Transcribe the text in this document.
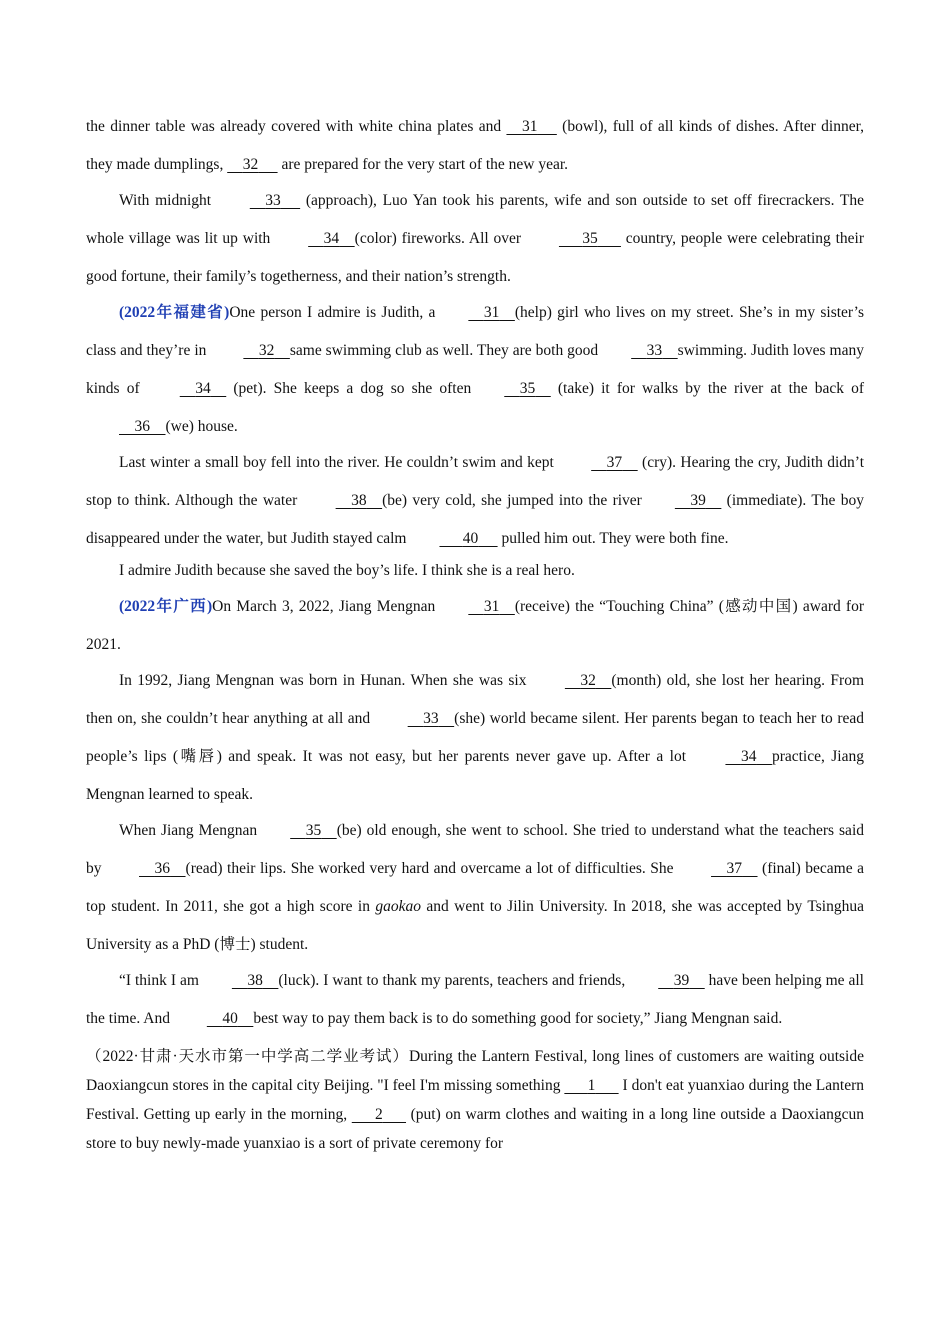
the dinner table was already covered with white china plates and     31      (bowl), full of all kinds of dishes. After dinner, they made dumplings,     32      are prepared for the very start of the new year.

With midnight	33      (approach), Luo Yan took his parents, wife and son outside to set off firecrackers. The whole village was lit up with	34 (color) fireworks. All over	35       country, people were celebrating their good fortune, their family’s togetherness, and their nation’s strength.

(2022年福建省)One person I admire is Judith, a	31 (help) girl who lives on my street. She’s in my sister’s class and they’re in	32 same swimming club as well. They are both good	33 swimming. Judith loves many kinds of	34     (pet). She keeps a dog so she often	35     (take) it for walks by the river at the back of     36 (we) house.

Last winter a small boy fell into the river. He couldn’t swim and kept	37     (cry). Hearing the cry, Judith didn’t stop to think. Although the water	38 (be) very cold, she jumped into the river	39     (immediate). The boy disappeared under the water, but Judith stayed calm	40      pulled him out. They were both fine.

I admire Judith because she saved the boy’s life. I think she is a real hero.

(2022年广西)On March 3, 2022, Jiang Mengnan	31 (receive) the “Touching China” (感动中国) award for 2021.

In 1992, Jiang Mengnan was born in Hunan. When she was six	32 (month) old, she lost her hearing. From then on, she couldn’t hear anything at all and	33 (she) world became silent. Her parents began to teach her to read people’s lips (嘴唇) and speak. It was not easy, but her parents never gave up. After a lot	34 practice, Jiang Mengnan learned to speak.

When Jiang Mengnan	35 (be) old enough, she went to school. She tried to understand what the teachers said by	36 (read) their lips. She worked very hard and overcame a lot of difficulties. She	37     (final) became a top student. In 2011, she got a high score in gaokao and went to Jilin University. In 2018, she was accepted by Tsinghua University as a PhD (博士) student.

“I think I am	38 (luck). I want to thank my parents, teachers and friends,	39     have been helping me all the time. And	40 best way to pay them back is to do something good for society,” Jiang Mengnan said.

（2022·甘肃·天水市第一中学高二学业考试）During the Lantern Festival, long lines of customers are waiting outside Daoxiangcun stores in the capital city Beijing. "I feel I'm missing something       1       I don't eat yuanxiao during the Lantern Festival. Getting up early in the morning,       2       (put) on warm clothes and waiting in a long line outside a Daoxiangcun store to buy newly-made yuanxiao is a sort of private ceremony for
